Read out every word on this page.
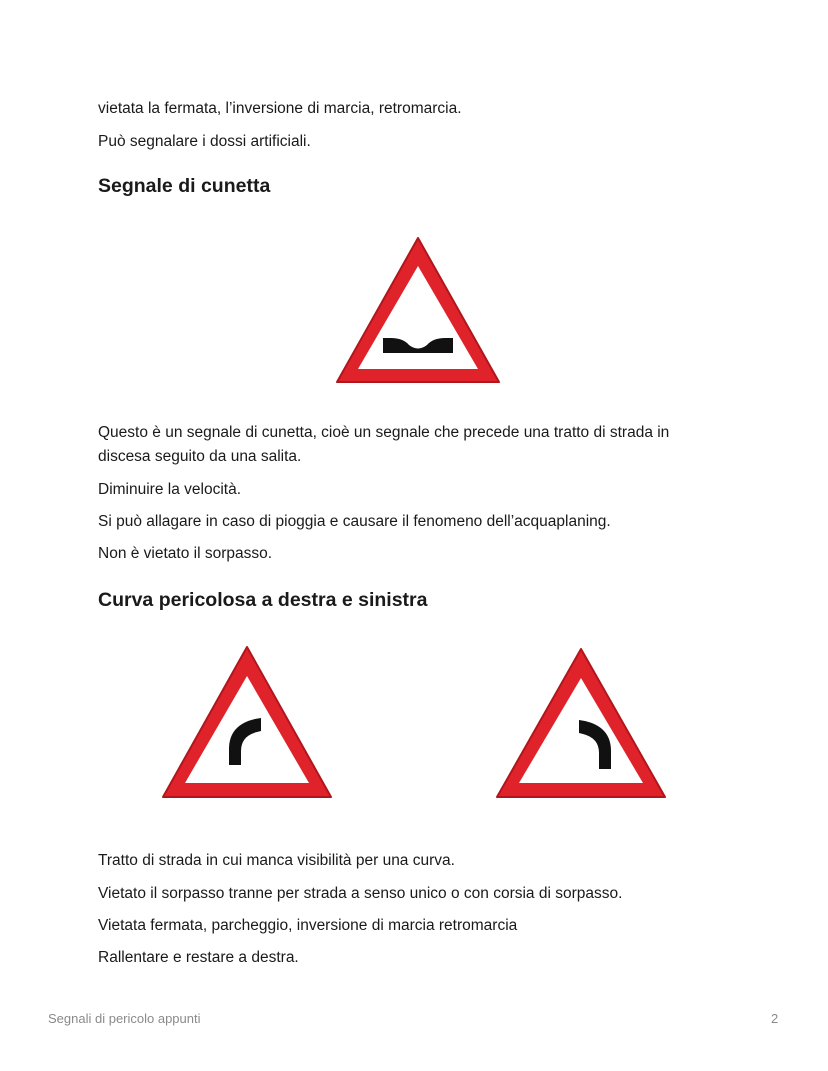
vietata la fermata, l’inversione di marcia, retromarcia.

Può segnalare i dossi artificiali.

Segnale di cunetta

Questo è un segnale di cunetta, cioè un segnale che precede una tratto di strada in discesa seguito da una salita.

Diminuire la velocità.

Si può allagare in caso di pioggia e causare il fenomeno dell’acquaplaning.

Non è vietato il sorpasso.

Curva pericolosa a destra e sinistra

Tratto di strada in cui manca visibilità per una curva.

Vietato il sorpasso tranne per strada a senso unico o con corsia di sorpasso.

Vietata fermata, parcheggio, inversione di marcia retromarcia

Rallentare e restare a destra.

Segnali di pericolo appunti	2
